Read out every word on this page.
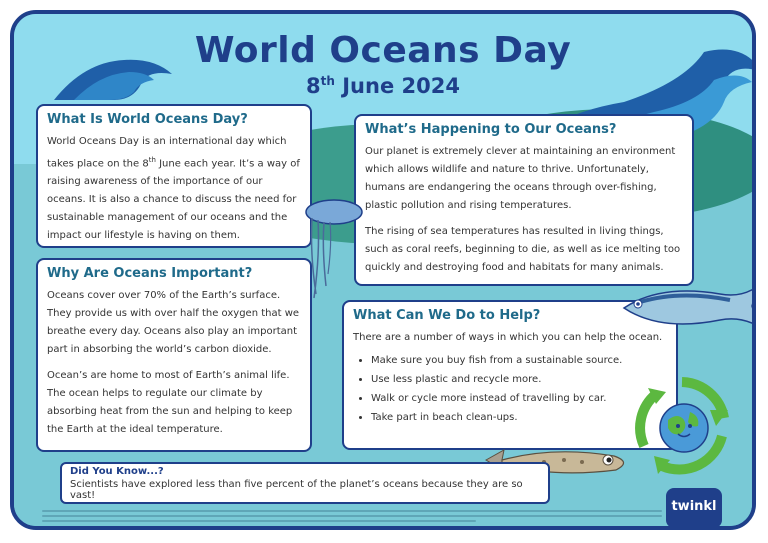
World Oceans Day
8th June 2024
What Is World Oceans Day?

World Oceans Day is an international day which takes place on the 8th June each year. It’s a way of raising awareness of the importance of our oceans. It is also a chance to discuss the need for sustainable management of our oceans and the impact our lifestyle is having on them.

Why Are Oceans Important?

Oceans cover over 70% of the Earth’s surface. They provide us with over half the oxygen that we breathe every day. Oceans also play an important part in absorbing the world’s carbon dioxide.

Ocean’s are home to most of Earth’s animal life. The ocean helps to regulate our climate by absorbing heat from the sun and helping to keep the Earth at the ideal temperature.

What’s Happening to Our Oceans?

Our planet is extremely clever at maintaining an environment which allows wildlife and nature to thrive. Unfortunately, humans are endangering the oceans through over-fishing, plastic pollution and rising temperatures.

The rising of sea temperatures has resulted in living things, such as coral reefs, beginning to die, as well as ice melting too quickly and destroying food and habitats for many animals.

What Can We Do to Help?

There are a number of ways in which you can help the ocean.

• Make sure you buy fish from a sustainable source.
• Use less plastic and recycle more.
• Walk or cycle more instead of travelling by car.
• Take part in beach clean-ups.
Did You Know...?
Scientists have explored less than five percent of the planet’s oceans because they are so vast!
twinkl
